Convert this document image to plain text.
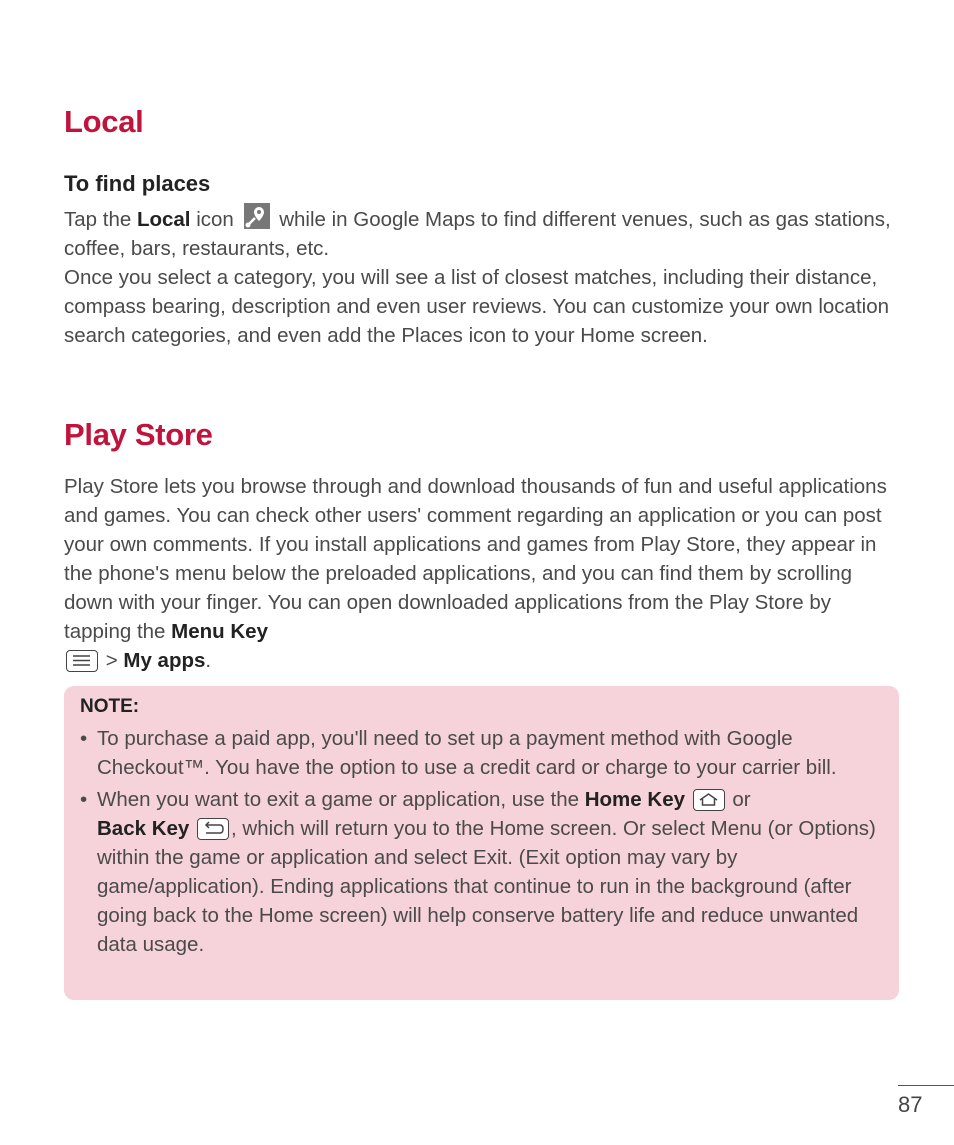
Local
To find places

Tap the Local icon  while in Google Maps to find different venues, such as gas stations, coffee, bars, restaurants, etc.

Once you select a category, you will see a list of closest matches, including their distance, compass bearing, description and even user reviews. You can customize your own location search categories, and even add the Places icon to your Home screen.

Play Store

Play Store lets you browse through and download thousands of fun and useful applications and games. You can check other users' comment regarding an application or you can post your own comments. If you install applications and games from Play Store, they appear in the phone's menu below the preloaded applications, and you can find them by scrolling down with your finger. You can open downloaded applications from the Play Store by tapping the Menu Key

> My apps.

NOTE:

• To purchase a paid app, you'll need to set up a payment method with Google Checkout™. You have the option to use a credit card or charge to your carrier bill.
• When you want to exit a game or application, use the Home Key
or
Back Key , which will return you to the Home screen. Or select Menu (or Options) within the game or application and select Exit. (Exit option may vary by game/application). Ending applications that continue to run in the background (after going back to the Home screen) will help conserve battery life and reduce unwanted data usage.
87
